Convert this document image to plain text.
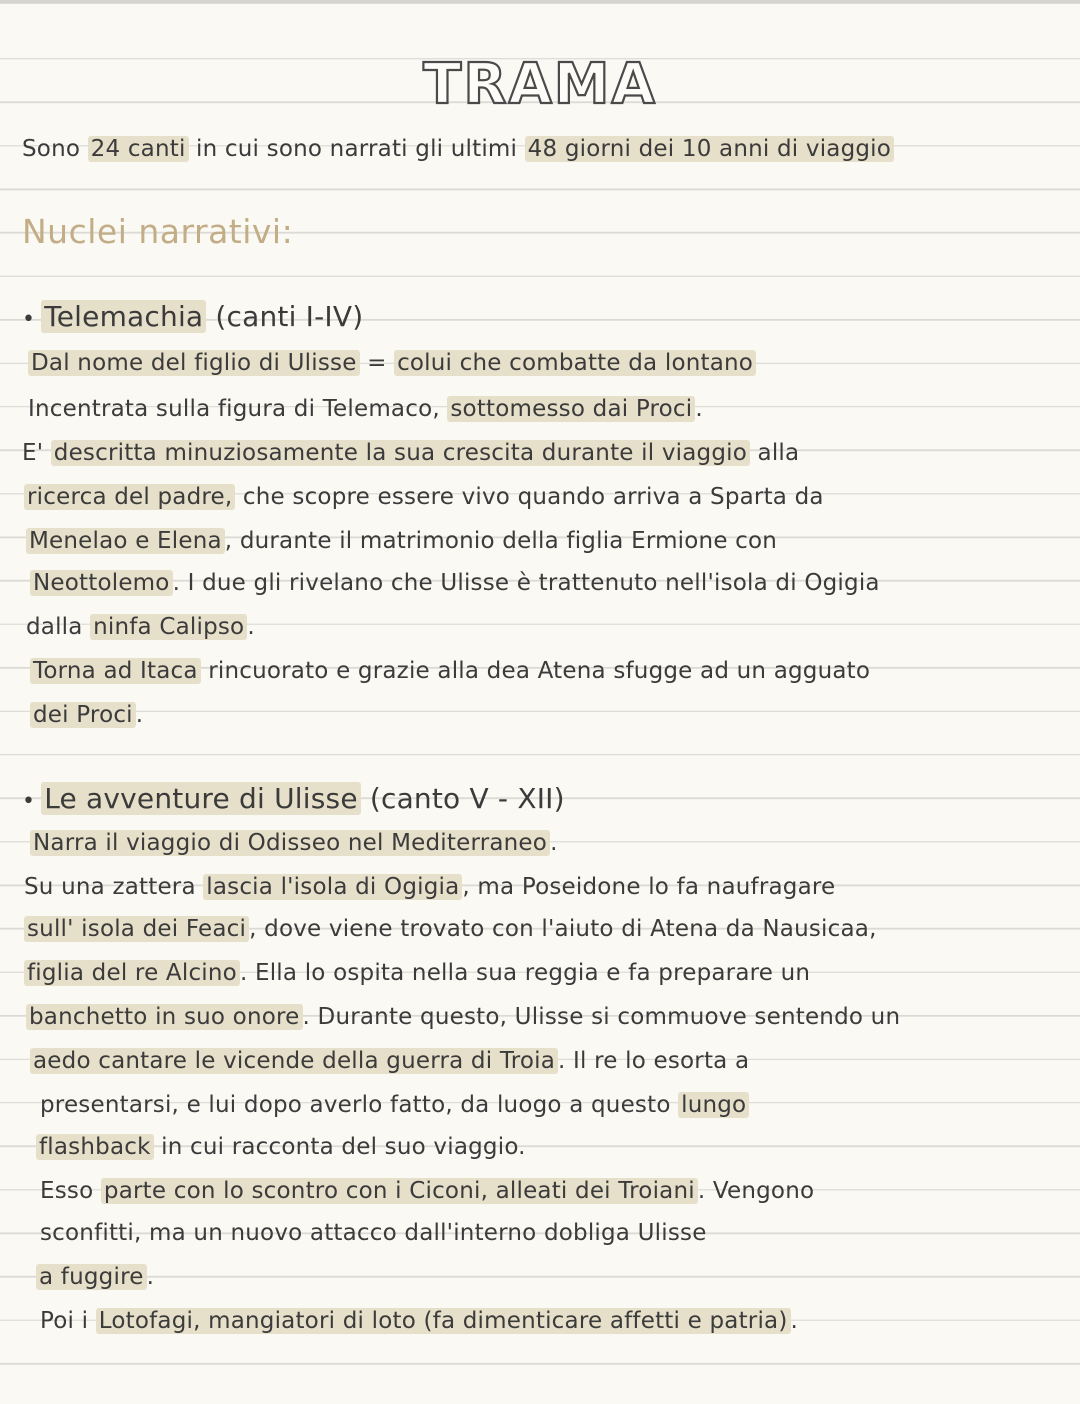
TRAMA
Sono 24 canti in cui sono narrati gli ultimi 48 giorni dei 10 anni di viaggio
Nuclei narrativi:
• Telemachia (canti I-IV)
Dal nome del figlio di Ulisse = colui che combatte da lontano
Incentrata sulla figura di Telemaco, sottomesso dai Proci .
E' descritta minuziosamente la sua crescita durante il viaggio alla
ricerca del padre, che scopre essere vivo quando arriva a Sparta da
Menelao e Elena , durante il matrimonio della figlia Ermione con
Neottolemo . I due gli rivelano che Ulisse è trattenuto nell'isola di Ogigia
dalla ninfa Calipso .
Torna ad Itaca rincuorato e grazie alla dea Atena sfugge ad un agguato
dei Proci .
• Le avventure di Ulisse (canto V - XII)
Narra il viaggio di Odisseo nel Mediterraneo .
Su una zattera lascia l'isola di Ogigia , ma Poseidone lo fa naufragare
sull' isola dei Feaci , dove viene trovato con l'aiuto di Atena da Nausicaa,
figlia del re Alcino . Ella lo ospita nella sua reggia e fa preparare un
banchetto in suo onore . Durante questo, Ulisse si commuove sentendo un
aedo cantare le vicende della guerra di Troia . Il re lo esorta a
presentarsi, e lui dopo averlo fatto, da luogo a questo lungo
flashback in cui racconta del suo viaggio.
Esso parte con lo scontro con i Ciconi, alleati dei Troiani . Vengono
sconfitti, ma un nuovo attacco dall'interno dobliga Ulisse
a fuggire .
Poi i Lotofagi, mangiatori di loto (fa dimenticare affetti e patria) .
